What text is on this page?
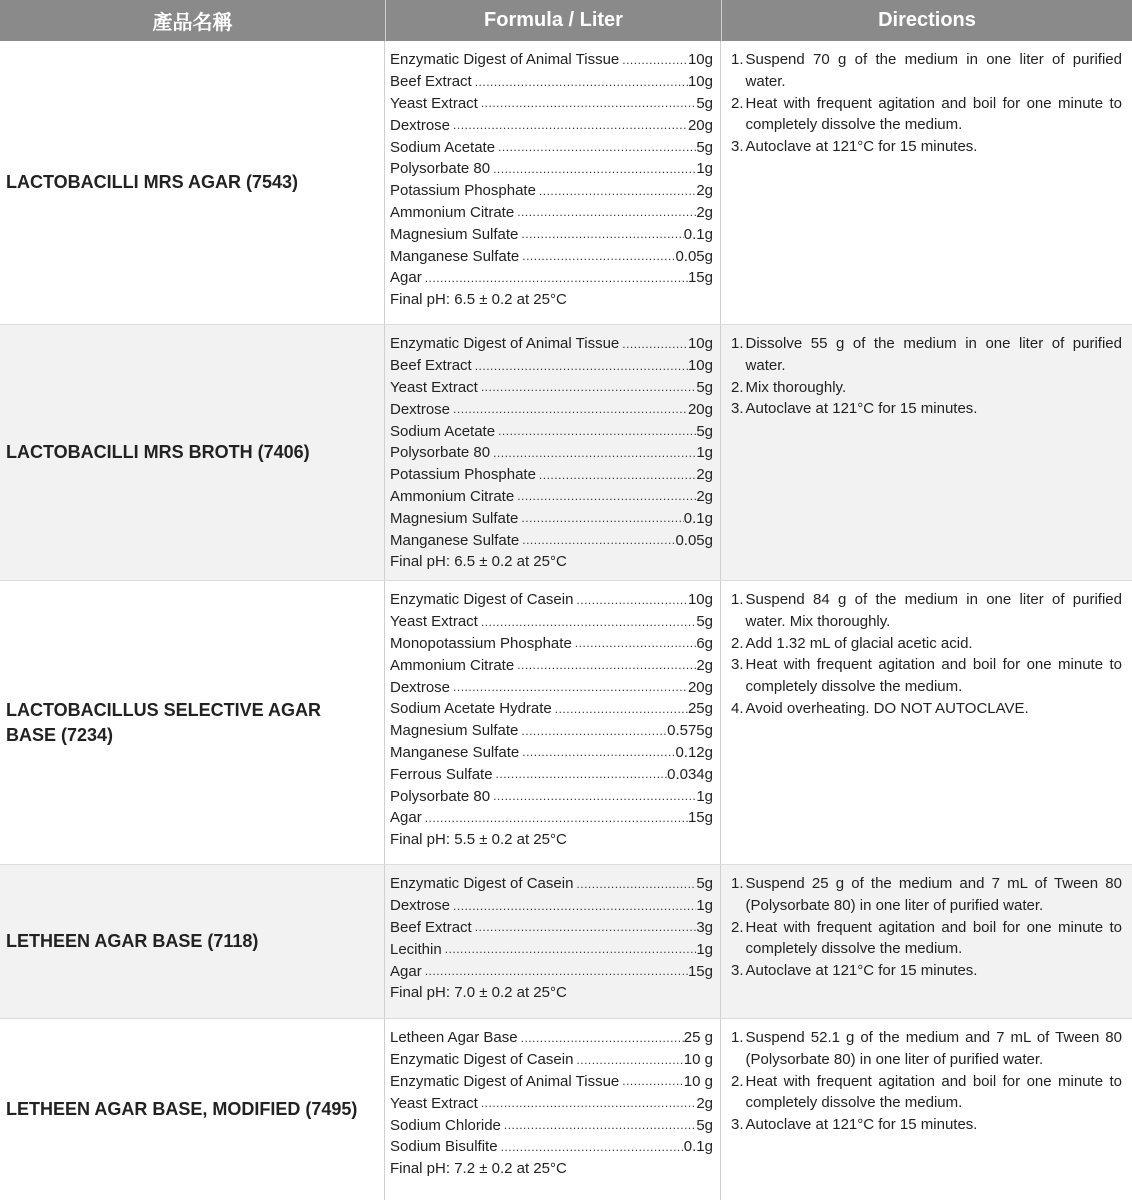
產品名稱	Formula / Liter	Directions
LACTOBACILLI MRS AGAR (7543)
Enzymatic Digest of Animal Tissue .....	10g
Beef Extract .....	10g
Yeast Extract .....	5g
Dextrose .....	20g
Sodium Acetate .....	5g
Polysorbate 80 .....	1g
Potassium Phosphate .....	2g
Ammonium Citrate .....	2g
Magnesium Sulfate .....	0.1g
Manganese Sulfate .....	0.05g
Agar .....	15g
Final pH: 6.5 ± 0.2 at 25°C
1. Suspend 70 g of the medium in one liter of purified water.
2. Heat with frequent agitation and boil for one minute to completely dissolve the medium.
3. Autoclave at 121°C for 15 minutes.
LACTOBACILLI MRS BROTH (7406)
Enzymatic Digest of Animal Tissue .....	10g
Beef Extract .....	10g
Yeast Extract .....	5g
Dextrose .....	20g
Sodium Acetate .....	5g
Polysorbate 80 .....	1g
Potassium Phosphate .....	2g
Ammonium Citrate .....	2g
Magnesium Sulfate .....	0.1g
Manganese Sulfate .....	0.05g
Final pH: 6.5 ± 0.2 at 25°C
1. Dissolve 55 g of the medium in one liter of purified water.
2. Mix thoroughly.
3. Autoclave at 121°C for 15 minutes.
LACTOBACILLUS SELECTIVE AGAR BASE (7234)
Enzymatic Digest of Casein .....	10g
Yeast Extract .....	5g
Monopotassium Phosphate .....	6g
Ammonium Citrate .....	2g
Dextrose .....	20g
Sodium Acetate Hydrate .....	25g
Magnesium Sulfate .....	0.575g
Manganese Sulfate .....	0.12g
Ferrous Sulfate .....	0.034g
Polysorbate 80 .....	1g
Agar .....	15g
Final pH: 5.5 ± 0.2 at 25°C
1. Suspend 84 g of the medium in one liter of purified water. Mix thoroughly.
2. Add 1.32 mL of glacial acetic acid.
3. Heat with frequent agitation and boil for one minute to completely dissolve the medium.
4. Avoid overheating. DO NOT AUTOCLAVE.
LETHEEN AGAR BASE (7118)
Enzymatic Digest of Casein .....	5g
Dextrose .....	1g
Beef Extract .....	3g
Lecithin .....	1g
Agar .....	15g
Final pH: 7.0 ± 0.2 at 25°C
1. Suspend 25 g of the medium and 7 mL of Tween 80 (Polysorbate 80) in one liter of purified water.
2. Heat with frequent agitation and boil for one minute to completely dissolve the medium.
3. Autoclave at 121°C for 15 minutes.
LETHEEN AGAR BASE, MODIFIED (7495)
Letheen Agar Base .....	25 g
Enzymatic Digest of Casein .....	10 g
Enzymatic Digest of Animal Tissue .....	10 g
Yeast Extract .....	2g
Sodium Chloride .....	5g
Sodium Bisulfite .....	0.1g
Final pH: 7.2 ± 0.2 at 25°C
1. Suspend 52.1 g of the medium and 7 mL of Tween 80 (Polysorbate 80) in one liter of purified water.
2. Heat with frequent agitation and boil for one minute to completely dissolve the medium.
3. Autoclave at 121°C for 15 minutes.
